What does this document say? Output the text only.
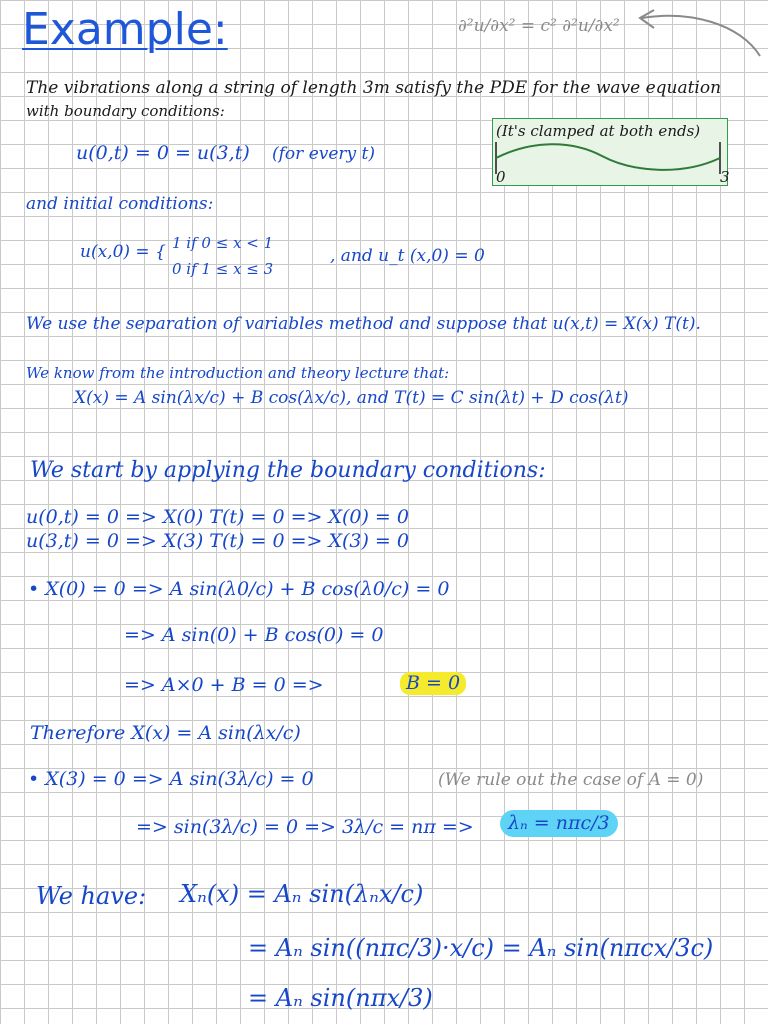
Example:	∂²u/∂x² = c² ∂²u/∂x²
The vibrations along a string of length 3m satisfy the PDE for the wave equation
with boundary conditions:
u(0,t) = 0 = u(3,t) (for every t)
(It's clamped at both ends)
0	3
and initial conditions:
u(x,0) = { 1 if 0 ≤ x < 1
0 if 1 ≤ x ≤ 3
, and u_t (x,0) = 0
We use the separation of variables method and suppose that u(x,t) = X(x) T(t).
We know from the introduction and theory lecture that:
X(x) = A sin(λx/c) + B cos(λx/c), and T(t) = C sin(λt) + D cos(λt)
We start by applying the boundary conditions:
u(0,t) = 0 => X(0) T(t) = 0 => X(0) = 0
u(3,t) = 0 => X(3) T(t) = 0 => X(3) = 0
• X(0) = 0 => A sin(λ0/c) + B cos(λ0/c) = 0
=> A sin(0) + B cos(0) = 0
=> A×0 + B = 0 =>	B = 0
Therefore X(x) = A sin(λx/c)
• X(3) = 0 => A sin(3λ/c) = 0	(We rule out the case of A = 0)
=> sin(3λ/c) = 0 => 3λ/c = nπ =>	λₙ = nπc/3
We have: Xₙ(x) = Aₙ sin(λₙx/c)
= Aₙ sin((nπc/3)·x/c) = Aₙ sin(nπcx/3c)
= Aₙ sin(nπx/3)
